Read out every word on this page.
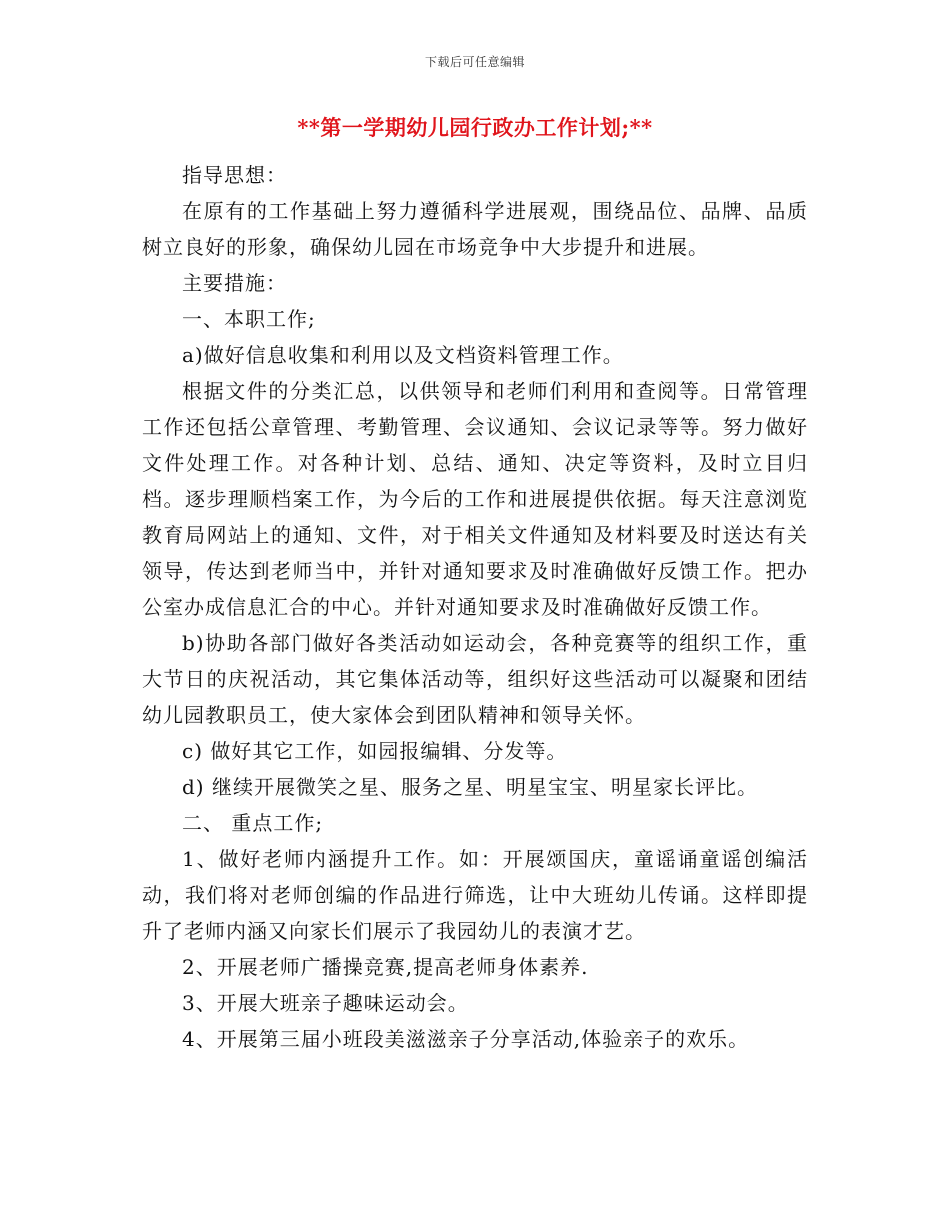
下载后可任意编辑
**第一学期幼儿园行政办工作计划;**

指导思想：

在原有的工作基础上努力遵循科学进展观，围绕品位、品牌、品质树立良好的形象，确保幼儿园在市场竞争中大步提升和进展。

主要措施：

一、本职工作;

a)做好信息收集和利用以及文档资料管理工作。

根据文件的分类汇总，以供领导和老师们利用和查阅等。日常管理工作还包括公章管理、考勤管理、会议通知、会议记录等等。努力做好文件处理工作。对各种计划、总结、通知、决定等资料，及时立目归档。逐步理顺档案工作，为今后的工作和进展提供依据。每天注意浏览教育局网站上的通知、文件，对于相关文件通知及材料要及时送达有关领导，传达到老师当中，并针对通知要求及时准确做好反馈工作。把办公室办成信息汇合的中心。并针对通知要求及时准确做好反馈工作。

b)协助各部门做好各类活动如运动会，各种竞赛等的组织工作，重大节日的庆祝活动，其它集体活动等，组织好这些活动可以凝聚和团结幼儿园教职员工，使大家体会到团队精神和领导关怀。

c) 做好其它工作，如园报编辑、分发等。

d) 继续开展微笑之星、服务之星、明星宝宝、明星家长评比。

二、 重点工作;

1、做好老师内涵提升工作。如：开展颂国庆，童谣诵童谣创编活动，我们将对老师创编的作品进行筛选，让中大班幼儿传诵。这样即提升了老师内涵又向家长们展示了我园幼儿的表演才艺。

2、开展老师广播操竞赛,提高老师身体素养.

3、开展大班亲子趣味运动会。

4、开展第三届小班段美滋滋亲子分享活动,体验亲子的欢乐。
